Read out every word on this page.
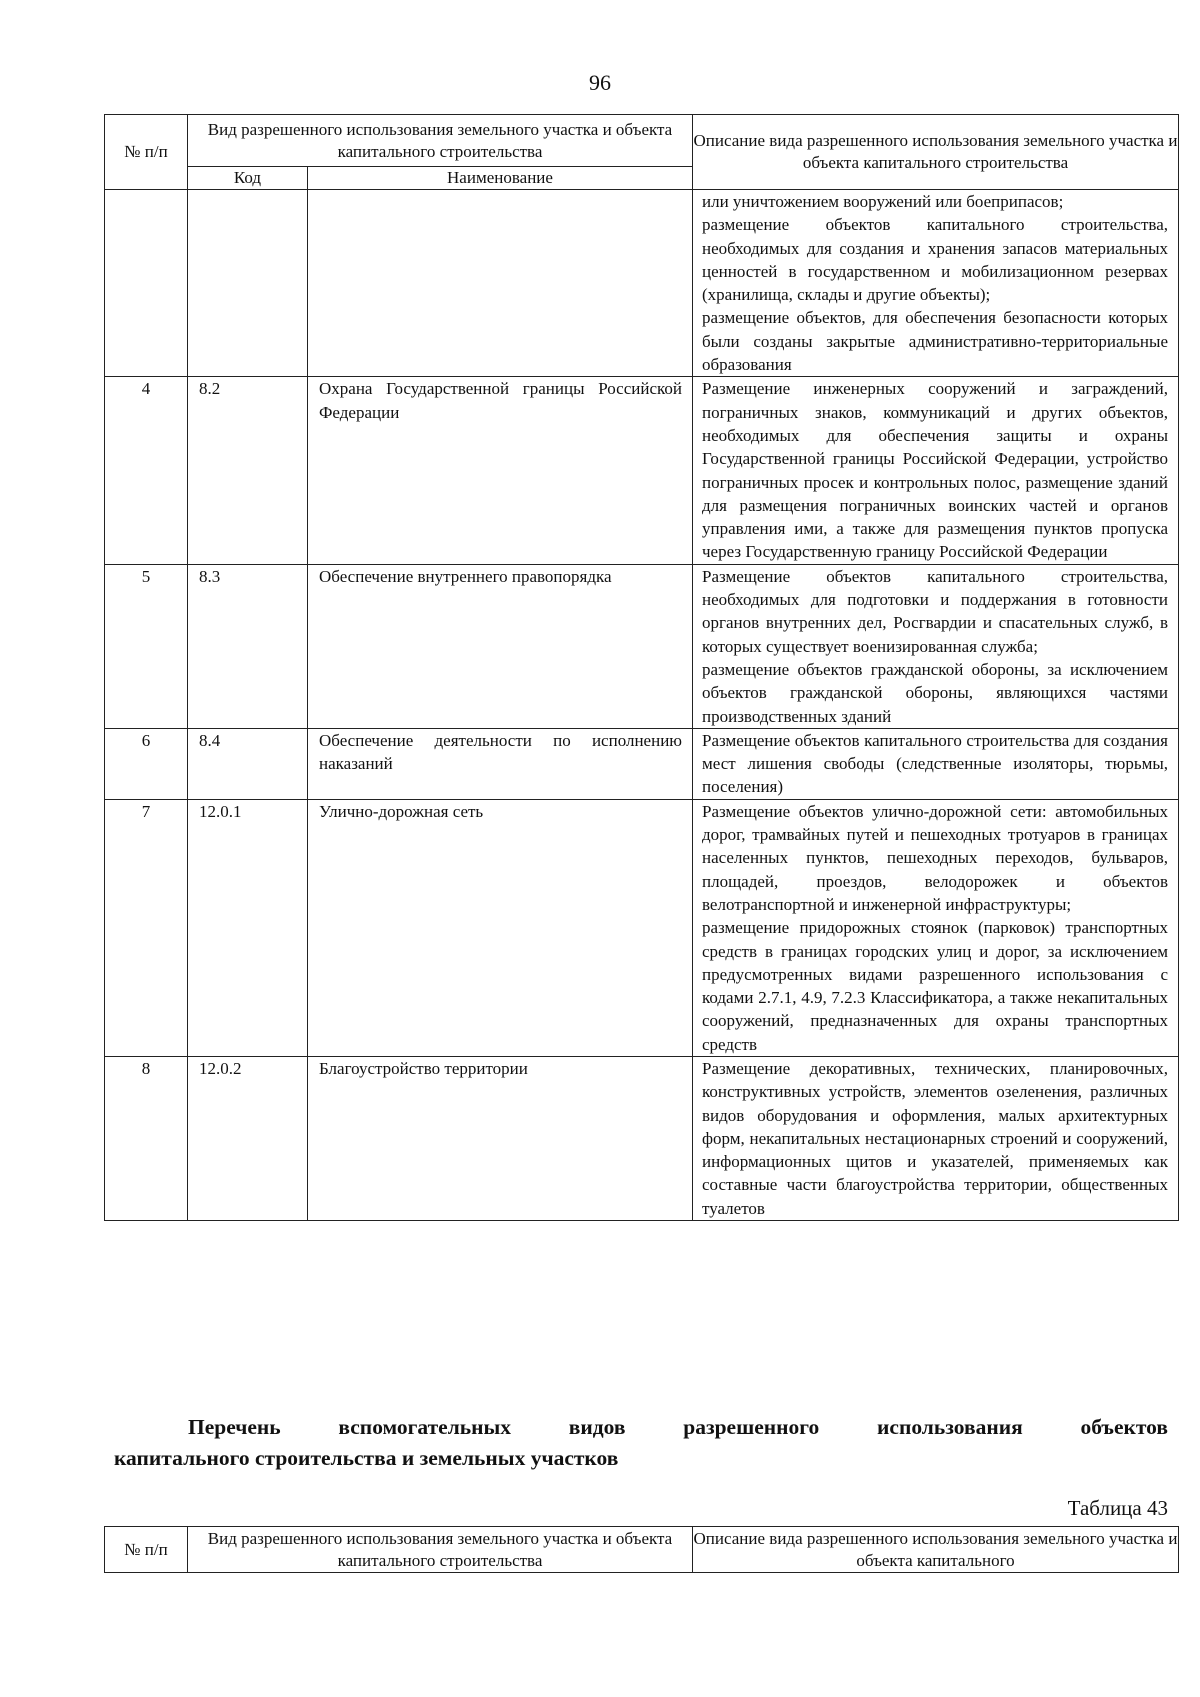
96
№ п/п	Вид разрешенного использования земельного участка и объекта капитального строительства		Описание вида разрешенного использования земельного участка и объекта капитального строительства
	Код	Наименование	

			или уничтожением вооружений или боеприпасов;

размещение объектов капитального строительства, необходимых для создания и хранения запасов материальных ценностей в государственном и мобилизационном резервах (хранилища, склады и другие объекты);

размещение объектов, для обеспечения безопасности которых были созданы закрытые административно-территориальные образования

4	8.2	Охрана Государственной границы Российской Федерации	Размещение инженерных сооружений и заграждений, пограничных знаков, коммуникаций и других объектов, необходимых для обеспечения защиты и охраны Государственной границы Российской Федерации, устройство пограничных просек и контрольных полос, размещение зданий для размещения пограничных воинских частей и органов управления ими, а также для размещения пунктов пропуска через Государственную границу Российской Федерации

5	8.3	Обеспечение внутреннего правопорядка	Размещение объектов капитального строительства, необходимых для подготовки и поддержания в готовности органов внутренних дел, Росгвардии и спасательных служб, в которых существует военизированная служба;

размещение объектов гражданской обороны, за исключением объектов гражданской обороны, являющихся частями производственных зданий

6	8.4	Обеспечение деятельности по исполнению наказаний	Размещение объектов капитального строительства для создания мест лишения свободы (следственные изоляторы, тюрьмы, поселения)

7	12.0.1	Улично-дорожная сеть	Размещение объектов улично-дорожной сети: автомобильных дорог, трамвайных путей и пешеходных тротуаров в границах населенных пунктов, пешеходных переходов, бульваров, площадей, проездов, велодорожек и объектов велотранспортной и инженерной инфраструктуры;

размещение придорожных стоянок (парковок) транспортных средств в границах городских улиц и дорог, за исключением предусмотренных видами разрешенного использования с кодами 2.7.1, 4.9, 7.2.3 Классификатора, а также некапитальных сооружений, предназначенных для охраны транспортных средств

8	12.0.2	Благоустройство территории	Размещение декоративных, технических, планировочных, конструктивных устройств, элементов озеленения, различных видов оборудования и оформления, малых архитектурных форм, некапитальных нестационарных строений и сооружений, информационных щитов и указателей, применяемых как составные части благоустройства территории, общественных туалетов

Перечень вспомогательных видов разрешенного использования объектов
капитального строительства и земельных участков
Таблица 43
№ п/п	Вид разрешенного использования земельного участка и объекта капитального строительства	Описание вида разрешенного использования земельного участка и объекта капитального
